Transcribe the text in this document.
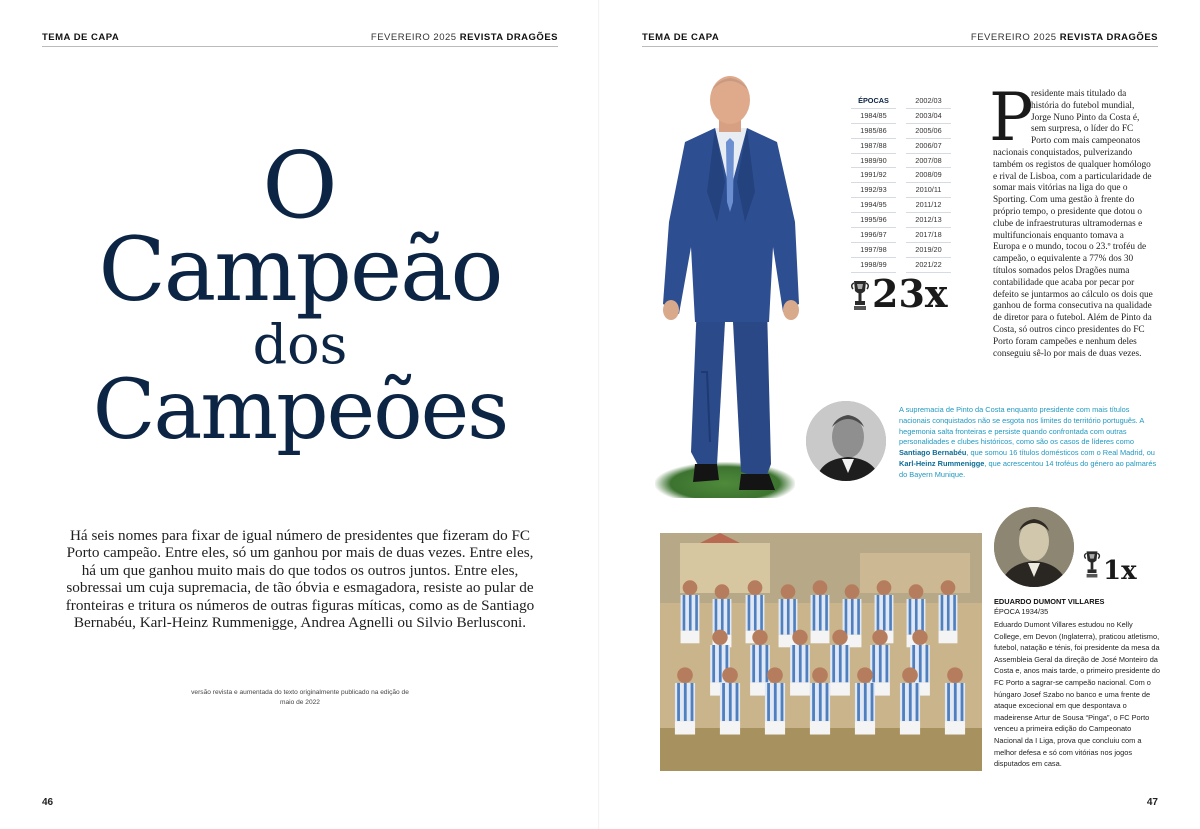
TEMA DE CAPA	FEVEREIRO 2025 REVISTA DRAGÕES
O
Campeão
dos
Campeões
Há seis nomes para fixar de igual número de presidentes que fizeram do FC Porto campeão. Entre eles, só um ganhou por mais de duas vezes. Entre eles, há um que ganhou muito mais do que todos os outros juntos. Entre eles, sobressai um cuja supremacia, de tão óbvia e esmagadora, resiste ao pular de fronteiras e tritura os números de outras figuras míticas, como as de Santiago Bernabéu, Karl-Heinz Rummenigge, Andrea Agnelli ou Silvio Berlusconi.
versão revista e aumentada do texto originalmente publicado na edição de maio de 2022
46
TEMA DE CAPA	FEVEREIRO 2025 REVISTA DRAGÕES
47
ÉPOCAS
1984/85
1985/86
1987/88
1989/90
1991/92
1992/93
1994/95
1995/96
1996/97
1997/98
1998/99
2002/03
2003/04
2005/06
2006/07
2007/08
2008/09
2010/11
2011/12
2012/13
2017/18
2019/20
2021/22
23x
P
residente mais titulado da história do futebol mundial, Jorge Nuno Pinto da Costa é, sem surpresa, o líder do FC Porto com mais campeonatos nacionais conquistados, pulverizando também os registos de qualquer homólogo e rival de Lisboa, com a particularidade de somar mais vitórias na liga do que o Sporting. Com uma gestão à frente do próprio tempo, o presidente que dotou o clube de infraestruturas ultramodernas e multifuncionais enquanto tomava a Europa e o mundo, tocou o 23.º troféu de campeão, o equivalente a 77% dos 30 títulos somados pelos Dragões numa contabilidade que acaba por pecar por defeito se juntarmos ao cálculo os dois que ganhou de forma consecutiva na qualidade de diretor para o futebol. Além de Pinto da Costa, só outros cinco presidentes do FC Porto foram campeões e nenhum deles conseguiu sê-lo por mais de duas vezes.
A supremacia de Pinto da Costa enquanto presidente com mais títulos nacionais conquistados não se esgota nos limites do território português. A hegemonia salta fronteiras e persiste quando confrontada com outras personalidades e clubes históricos, como são os casos de líderes como Santiago Bernabéu, que somou 16 títulos domésticos com o Real Madrid, ou Karl-Heinz Rummenigge, que acrescentou 14 troféus do género ao palmarés do Bayern Munique.
1x
EDUARDO DUMONT VILLARES
ÉPOCA 1934/35
Eduardo Dumont Villares estudou no Kelly College, em Devon (Inglaterra), praticou atletismo, futebol, natação e ténis, foi presidente da mesa da Assembleia Geral da direção de José Monteiro da Costa e, anos mais tarde, o primeiro presidente do FC Porto a sagrar-se campeão nacional. Com o húngaro Josef Szabo no banco e uma frente de ataque excecional em que despontava o madeirense Artur de Sousa “Pinga”, o FC Porto venceu a primeira edição do Campeonato Nacional da I Liga, prova que concluiu com a melhor defesa e só com vitórias nos jogos disputados em casa.
